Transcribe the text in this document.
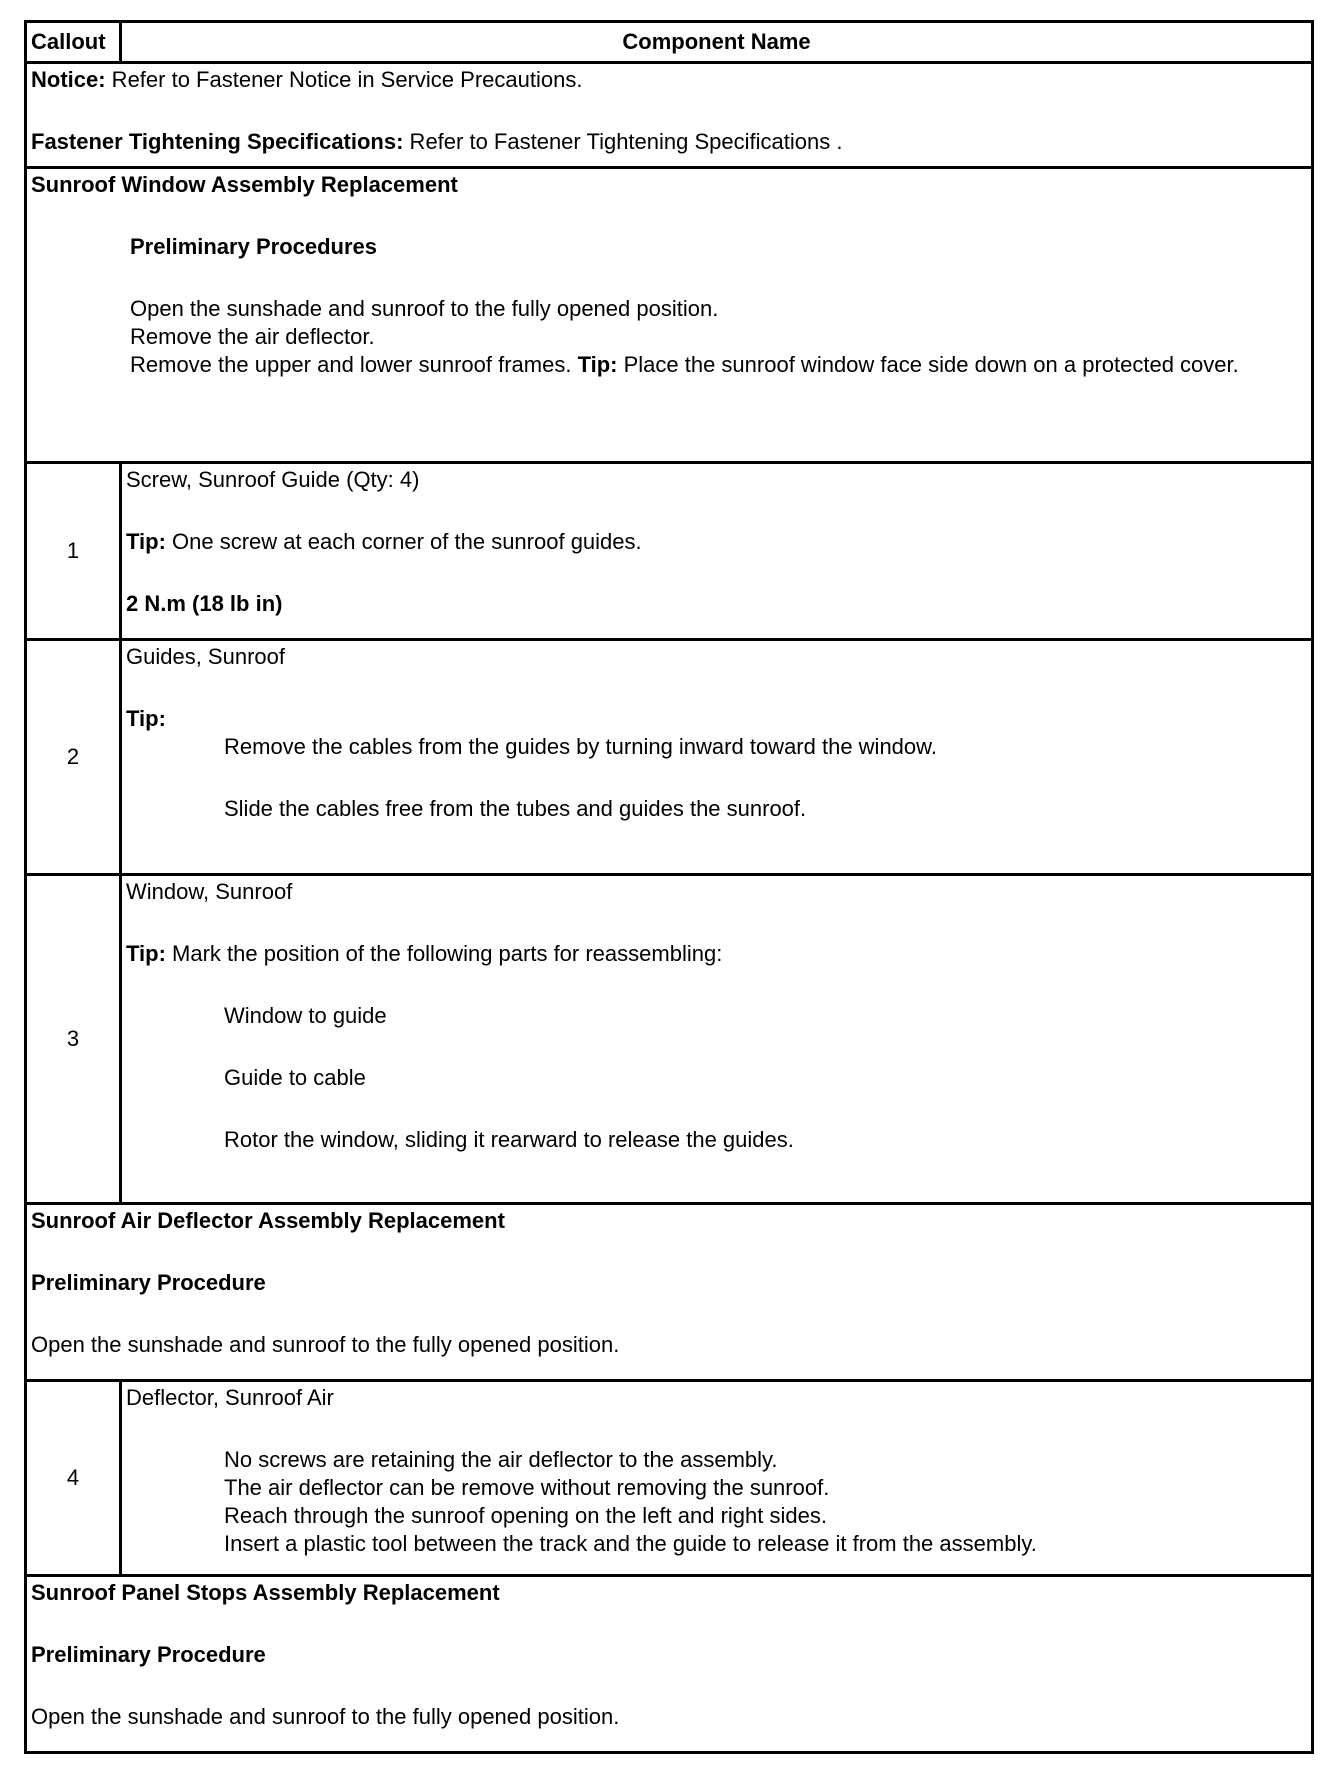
Callout	Component Name

Notice: Refer to Fastener Notice in Service Precautions.

Fastener Tightening Specifications: Refer to Fastener Tightening Specifications .	

Sunroof Window Assembly Replacement

Preliminary Procedures

Open the sunshade and sunroof to the fully opened position.

Remove the air deflector.

Remove the upper and lower sunroof frames. Tip: Place the sunroof window face side down on a protected cover.	

1	Screw, Sunroof Guide (Qty: 4)

Tip: One screw at each corner of the sunroof guides.

2 N.m (18 lb in)

2	Guides, Sunroof

Tip:

Remove the cables from the guides by turning inward toward the window.

Slide the cables free from the tubes and guides the sunroof.

3	Window, Sunroof

Tip: Mark the position of the following parts for reassembling:

Window to guide

Guide to cable

Rotor the window, sliding it rearward to release the guides.

Sunroof Air Deflector Assembly Replacement

Preliminary Procedure

Open the sunshade and sunroof to the fully opened position.	

4	Deflector, Sunroof Air

No screws are retaining the air deflector to the assembly.

The air deflector can be remove without removing the sunroof.

Reach through the sunroof opening on the left and right sides.

Insert a plastic tool between the track and the guide to release it from the assembly.

Sunroof Panel Stops Assembly Replacement

Preliminary Procedure

Open the sunshade and sunroof to the fully opened position.	
